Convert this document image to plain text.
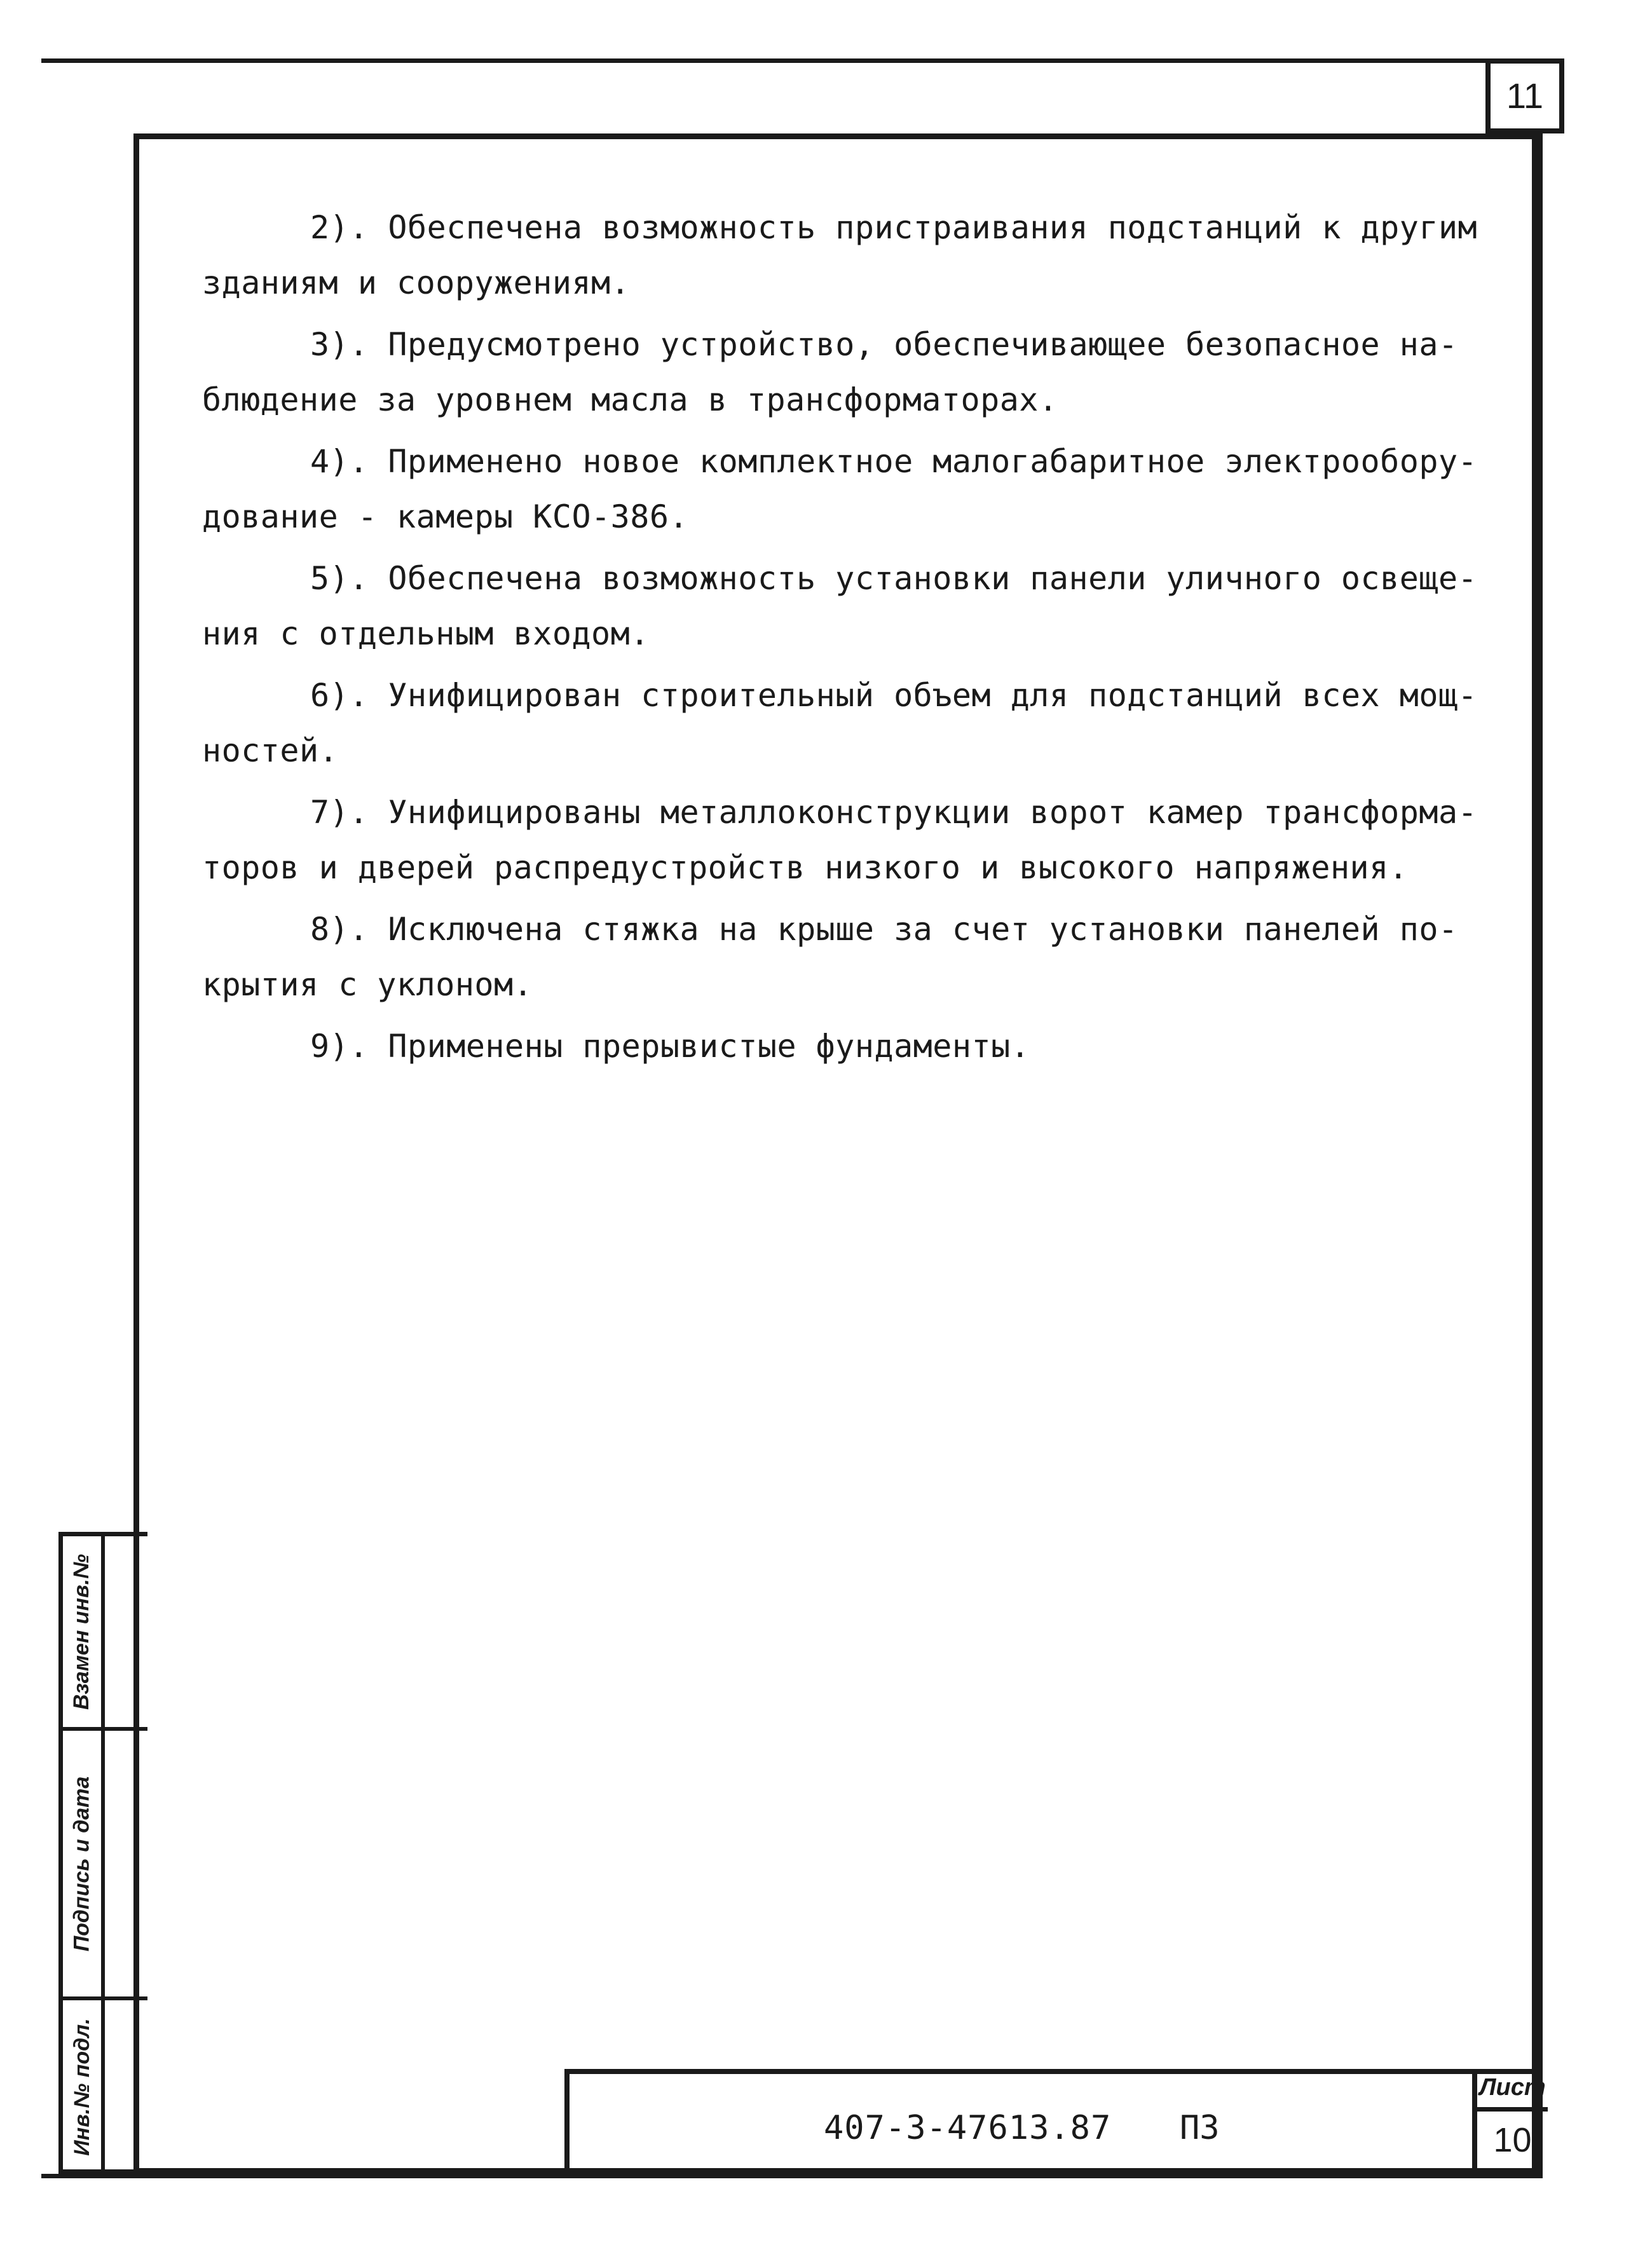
11

2). Обеспечена возможность пристраивания подстанций к другим
зданиям и сооружениям.

3). Предусмотрено устройство, обеспечивающее безопасное на-
блюдение за уровнем масла в трансформаторах.

4). Применено новое комплектное малогабаритное электрообору-
дование - камеры КСО-386.

5). Обеспечена возможность установки панели уличного освеще-
ния с отдельным входом.

6). Унифицирован строительный объем для подстанций всех мощ-
ностей.

7). Унифицированы металлоконструкции ворот камер трансформа-
торов и дверей распредустройств низкого и высокого напряжения.

8). Исключена стяжка на крыше за счет установки панелей по-
крытия с уклоном.

9). Применены прерывистые фундаменты.

Взамен инв.№
Подпись и дата
Инв.№ подл.	407-3-47613.87 ПЗ
Лист
10
